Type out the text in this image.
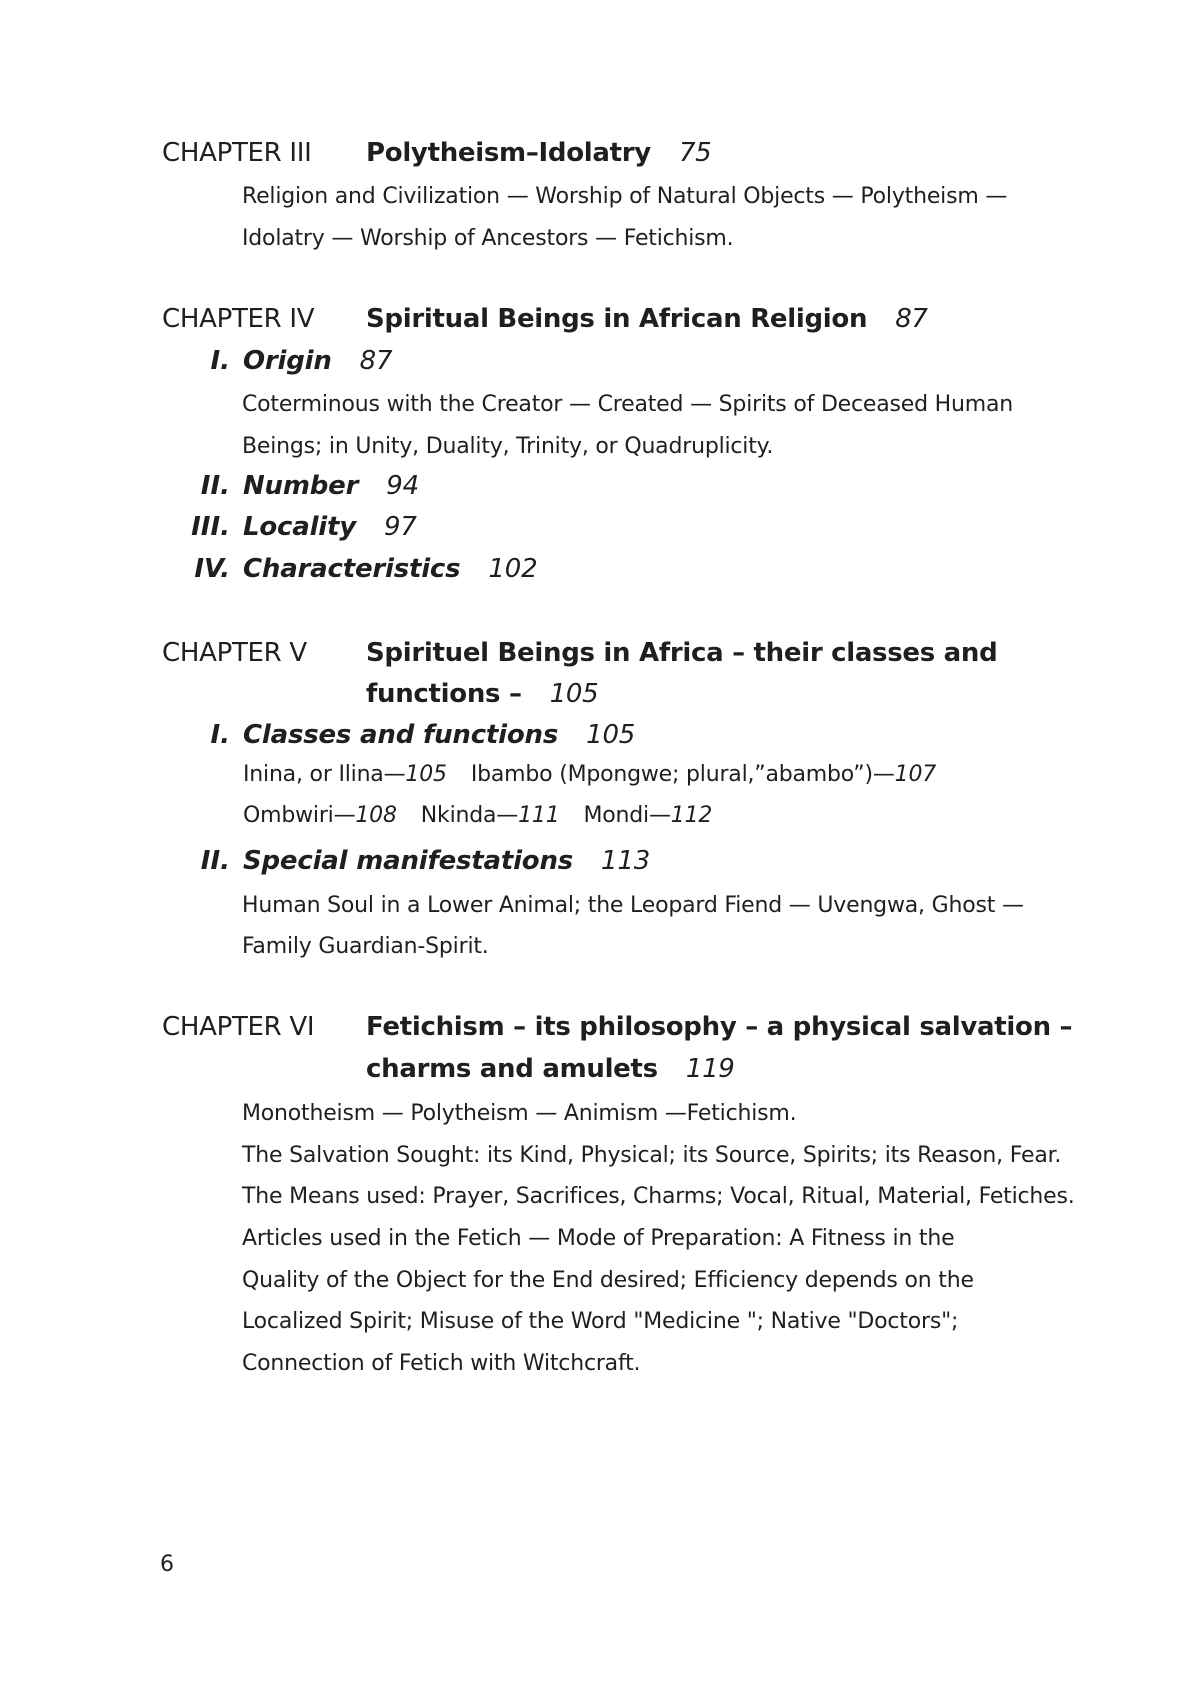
CHAPTER III Polytheism–Idolatry 75
Religion and Civilization — Worship of Natural Objects — Polytheism —
Idolatry — Worship of Ancestors — Fetichism.
CHAPTER IV Spiritual Beings in African Religion 87
I. Origin 87
Coterminous with the Creator — Created — Spirits of Deceased Human
Beings; in Unity, Duality, Trinity, or Quadruplicity.
II. Number 94
III. Locality 97
IV. Characteristics 102
CHAPTER V Spirituel Beings in Africa – their classes and
functions – 105
I. Classes and functions 105
Inina, or Ilina—105 Ibambo (Mpongwe; plural,”abambo”)—107
Ombwiri—108 Nkinda—111 Mondi—112
II. Special manifestations 113
Human Soul in a Lower Animal; the Leopard Fiend — Uvengwa, Ghost —
Family Guardian-Spirit.
CHAPTER VI Fetichism – its philosophy – a physical salvation –
charms and amulets 119
Monotheism — Polytheism — Animism —Fetichism.
The Salvation Sought: its Kind, Physical; its Source, Spirits; its Reason, Fear.
The Means used: Prayer, Sacrifices, Charms; Vocal, Ritual, Material, Fetiches.
Articles used in the Fetich — Mode of Preparation: A Fitness in the
Quality of the Object for the End desired; Efficiency depends on the
Localized Spirit; Misuse of the Word "Medicine "; Native "Doctors";
Connection of Fetich with Witchcraft.
6
